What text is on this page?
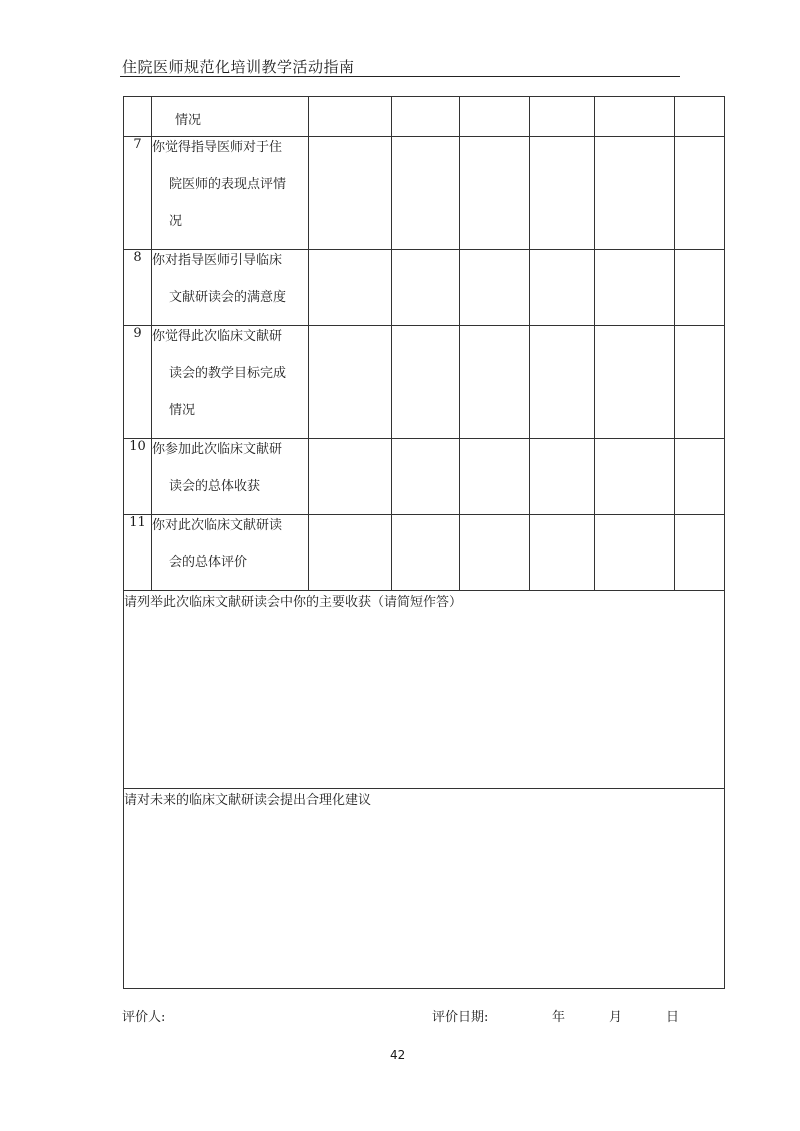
住院医师规范化培训教学活动指南

	情况						

7	你觉得指导医师对于住
院医师的表现点评情
况						

8	你对指导医师引导临床
文献研读会的满意度						

9	你觉得此次临床文献研
读会的教学目标完成
情况						

10	你参加此次临床文献研
读会的总体收获						

11	你对此次临床文献研读
会的总体评价						

请列举此次临床文献研读会中你的主要收获（请简短作答）							
请对未来的临床文献研读会提出合理化建议							
评价人:	评价日期:	年	月	日
42
